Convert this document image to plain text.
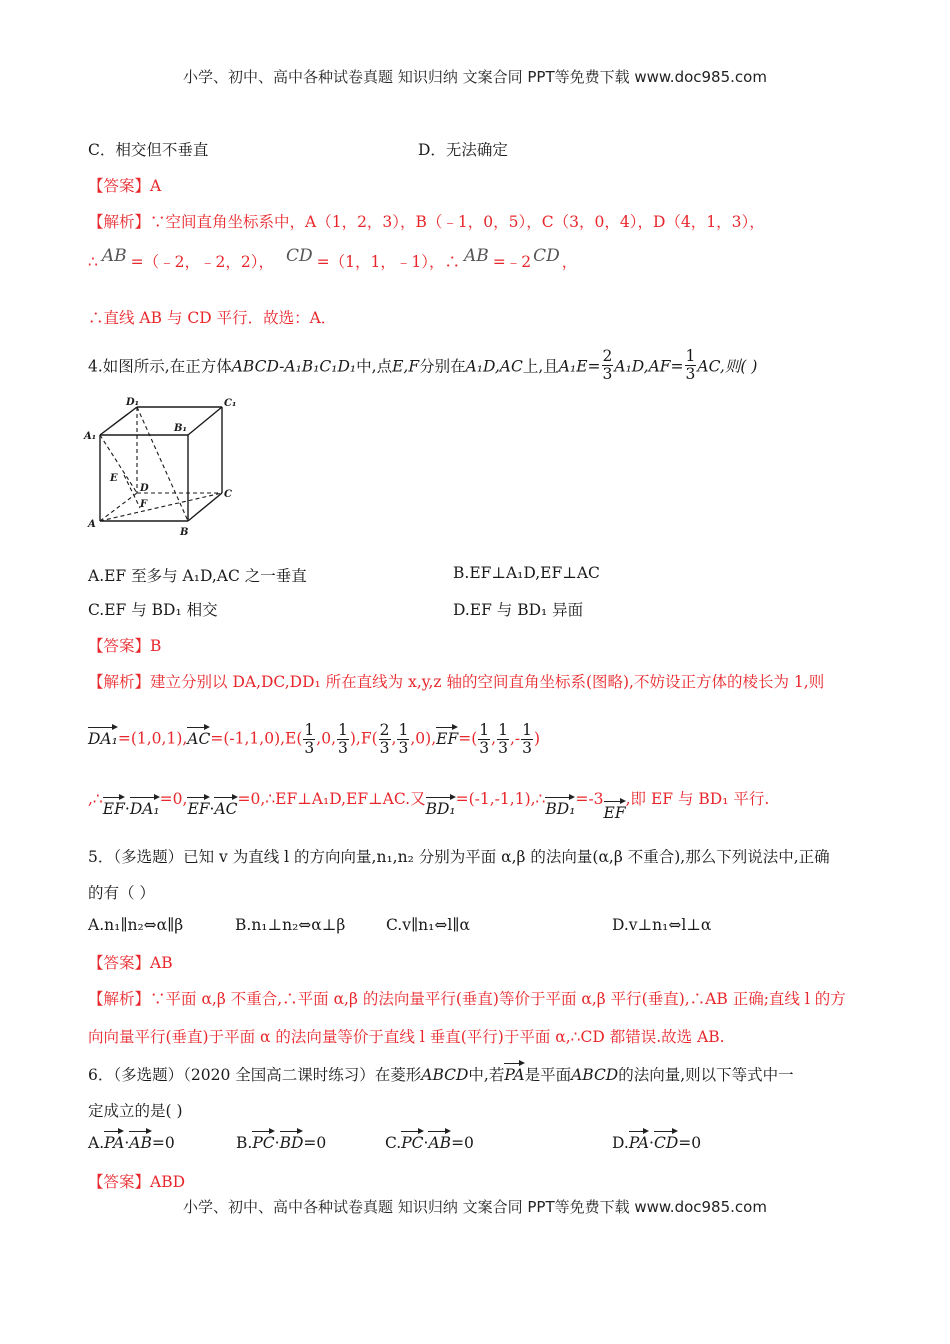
小学、初中、高中各种试卷真题 知识归纳 文案合同 PPT等免费下载 www.doc985.com
C．相交但不垂直	D．无法确定
【答案】A
【解析】∵空间直角坐标系中，A（1，2，3），B（﹣1，0，5），C（3，0，4），D（4，1，3），
∴ AB =（﹣2，﹣2，2）， CD =（1，1，﹣1），∴ AB =﹣2 CD ，
∴直线 AB 与 CD 平行．故选：A．
4.如图所示,在正方体ABCD-A₁B₁C₁D₁中,点E,F分别在A₁D,AC上,且$A_1E= \frac{2}{3} A_1D,AF= \frac{1}{3}$ AC,则( )
D₁	C₁
A₁
B₁
E
D
F
C
A
B
A.EF 至多与 A₁D,AC 之一垂直	B.EF⊥A₁D,EF⊥AC
C.EF 与 BD₁ 相交	D.EF 与 BD₁ 异面
【答案】B
【解析】建立分别以 DA,DC,DD₁ 所在直线为 x,y,z 轴的空间直角坐标系(图略),不妨设正方体的棱长为 1,则
$DA_1=(1,0,1),AC=(-1,1,0),E( \frac{1}{3} ,0$, $\frac{1}{3} ),F( \frac{2}{3}$ , $\frac{1}{3} ,0),EF=( \frac{1}{3}$ , $\frac{1}{3}$ ,- $\frac{1}{3}$ )
,∴EF·DA₁=0,EF·AC=0,∴EF⊥A₁D,EF⊥AC.又BD₁=(-1,-1,1),∴BD₁=-3EF,即 EF 与 BD₁ 平行.
5．（多选题）已知 v 为直线 l 的方向向量,n₁,n₂ 分别为平面 α,β 的法向量(α,β 不重合),那么下列说法中,正确
的有（ ）
A.n₁∥n₂⇔α∥β	B.n₁⊥n₂⇔α⊥β	C.v∥n₁⇔l∥α	D.v⊥n₁⇔l⊥α
【答案】AB
【解析】∵平面 α,β 不重合,∴平面 α,β 的法向量平行(垂直)等价于平面 α,β 平行(垂直),∴AB 正确;直线 l 的方
向向量平行(垂直)于平面 α 的法向量等价于直线 l 垂直(平行)于平面 α,∴CD 都错误.故选 AB.
6．（多选题）（2020 全国高二课时练习）在菱形ABCD中,若PA是平面ABCD的法向量,则以下等式中一
定成立的是( )
A.PA·AB=0	B.PC·BD=0	C.PC·AB=0	D.PA·CD=0
【答案】ABD
小学、初中、高中各种试卷真题 知识归纳 文案合同 PPT等免费下载 www.doc985.com
